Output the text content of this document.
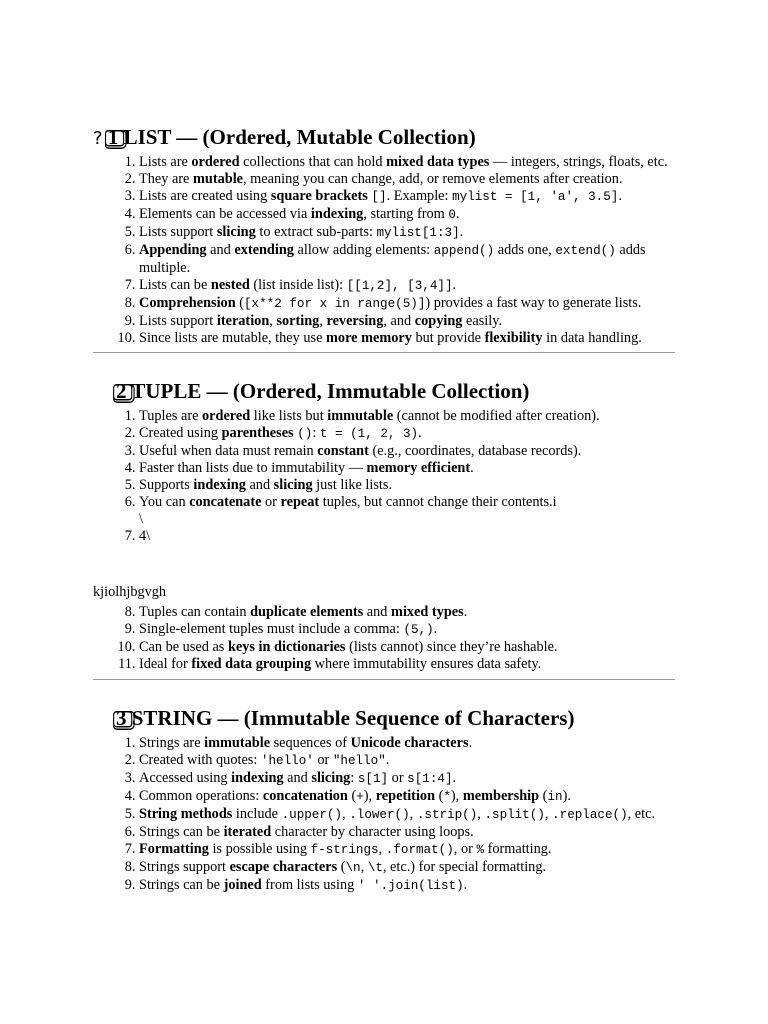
? 1 LIST — (Ordered, Mutable Collection)
1. Lists are ordered collections that can hold mixed data types — integers, strings, floats, etc.
2. They are mutable, meaning you can change, add, or remove elements after creation.
3. Lists are created using square brackets []. Example: mylist = [1, 'a', 3.5].
4. Elements can be accessed via indexing, starting from 0.
5. Lists support slicing to extract sub-parts: mylist[1:3].
6. Appending and extending allow adding elements: append() adds one, extend() adds multiple.
7. Lists can be nested (list inside list): [[1,2], [3,4]].
8. Comprehension ([x**2 for x in range(5)]) provides a fast way to generate lists.
9. Lists support iteration, sorting, reversing, and copying easily.
10. Since lists are mutable, they use more memory but provide flexibility in data handling.
2 TUPLE — (Ordered, Immutable Collection)
1. Tuples are ordered like lists but immutable (cannot be modified after creation).
2. Created using parentheses (): t = (1, 2, 3).
3. Useful when data must remain constant (e.g., coordinates, database records).
4. Faster than lists due to immutability — memory efficient.
5. Supports indexing and slicing just like lists.
6. You can concatenate or repeat tuples, but cannot change their contents.i
\
7. 4\

kjiolhjbgvgh

8. Tuples can contain duplicate elements and mixed types.
9. Single-element tuples must include a comma: (5,).
10. Can be used as keys in dictionaries (lists cannot) since they’re hashable.
11. Ideal for fixed data grouping where immutability ensures data safety.
3 STRING — (Immutable Sequence of Characters)
1. Strings are immutable sequences of Unicode characters.
2. Created with quotes: 'hello' or "hello".
3. Accessed using indexing and slicing: s[1] or s[1:4].
4. Common operations: concatenation (+), repetition (*), membership (in).
5. String methods include .upper(), .lower(), .strip(), .split(), .replace(), etc.
6. Strings can be iterated character by character using loops.
7. Formatting is possible using f-strings, .format(), or % formatting.
8. Strings support escape characters (\n, \t, etc.) for special formatting.
9. Strings can be joined from lists using ' '.join(list).
